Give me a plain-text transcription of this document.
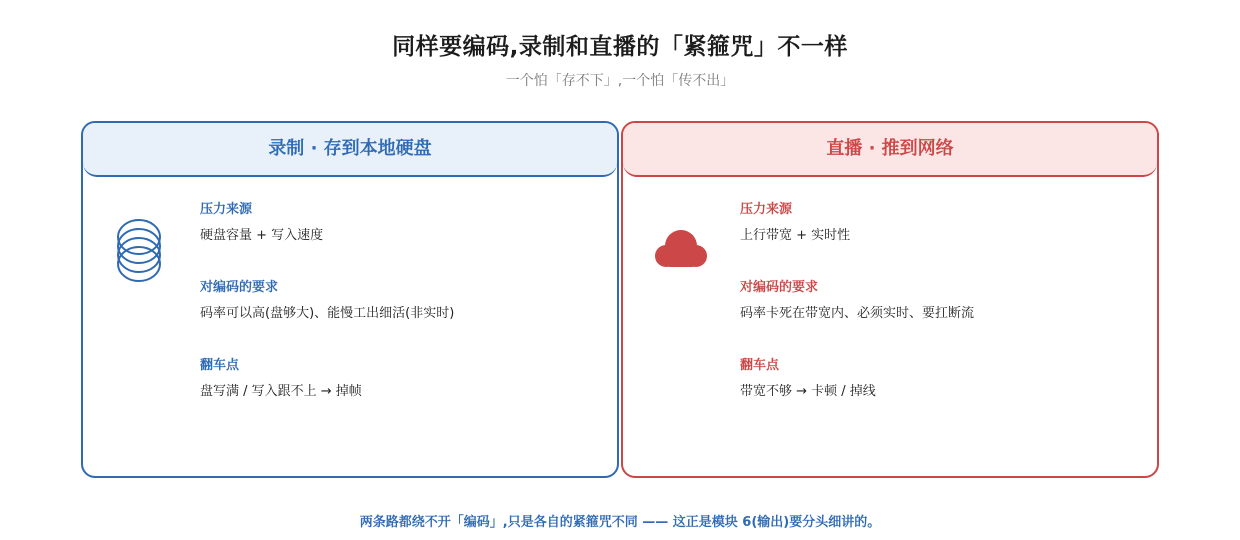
同样要编码,录制和直播的「紧箍咒」不一样
一个怕「存不下」,一个怕「传不出」
录制 · 存到本地硬盘
压力来源
硬盘容量 + 写入速度
对编码的要求
码率可以高(盘够大)、能慢工出细活(非实时)
翻车点
盘写满 / 写入跟不上 → 掉帧
直播 · 推到网络
压力来源
上行带宽 + 实时性
对编码的要求
码率卡死在带宽内、必须实时、要扛断流
翻车点
带宽不够 → 卡顿 / 掉线
两条路都绕不开「编码」,只是各自的紧箍咒不同 —— 这正是模块 6(输出)要分头细讲的。
